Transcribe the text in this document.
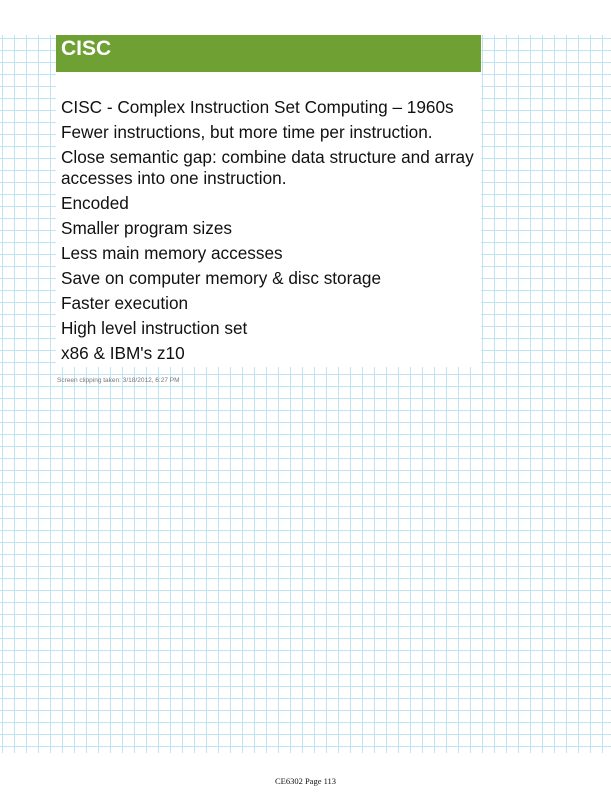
CISC
CISC - Complex Instruction Set Computing – 1960s
Fewer instructions, but more time per instruction.
Close semantic gap: combine data structure and array accesses into one instruction.
Encoded
Smaller program sizes
Less main memory accesses
Save on computer memory & disc storage
Faster execution
High level instruction set
x86 & IBM's z10
Screen clipping taken: 3/18/2012, 6:27 PM
CE6302 Page 113
